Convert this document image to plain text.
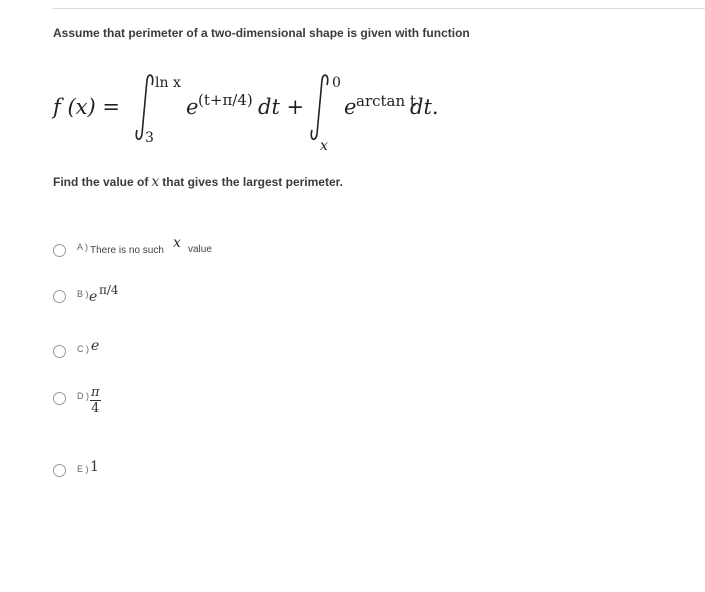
Assume that perimeter of a two-dimensional shape is given with function
f (x) =
ln x
3
e (t+π/4) dt +
0
x
e arctan t
dt.
Find the value of x that gives the largest perimeter.
A ) There is no such x value
B ) e π/4
C ) e
D ) π
4
E ) 1
